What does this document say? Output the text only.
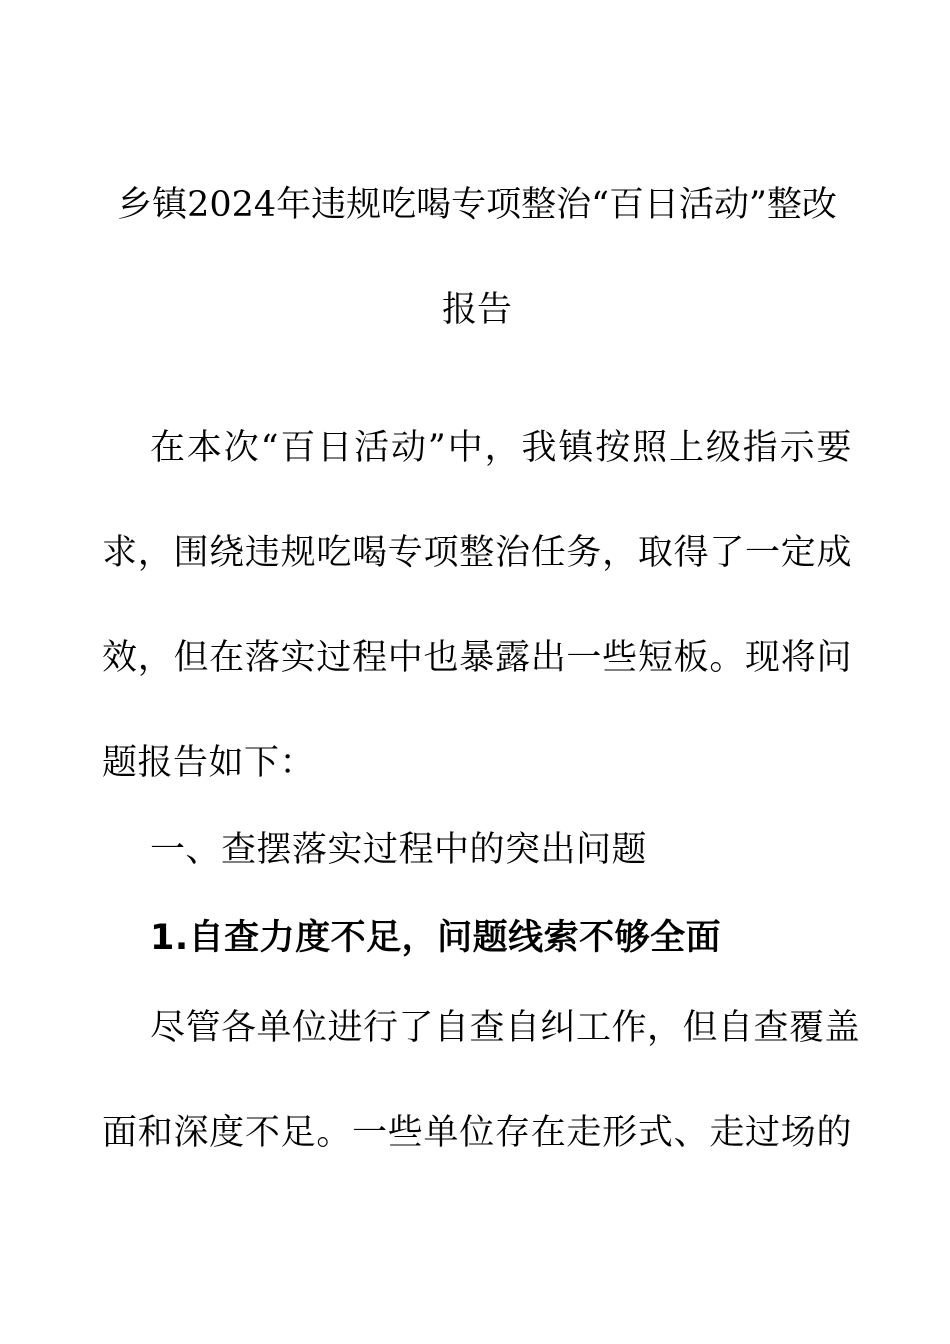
乡镇2024年违规吃喝专项整治“百日活动”整改
报告
在本次“百日活动”中，我镇按照上级指示要
求，围绕违规吃喝专项整治任务，取得了一定成
效，但在落实过程中也暴露出一些短板。现将问
题报告如下：
一、查摆落实过程中的突出问题
1.自查力度不足，问题线索不够全面
尽管各单位进行了自查自纠工作，但自查覆盖
面和深度不足。一些单位存在走形式、走过场的
